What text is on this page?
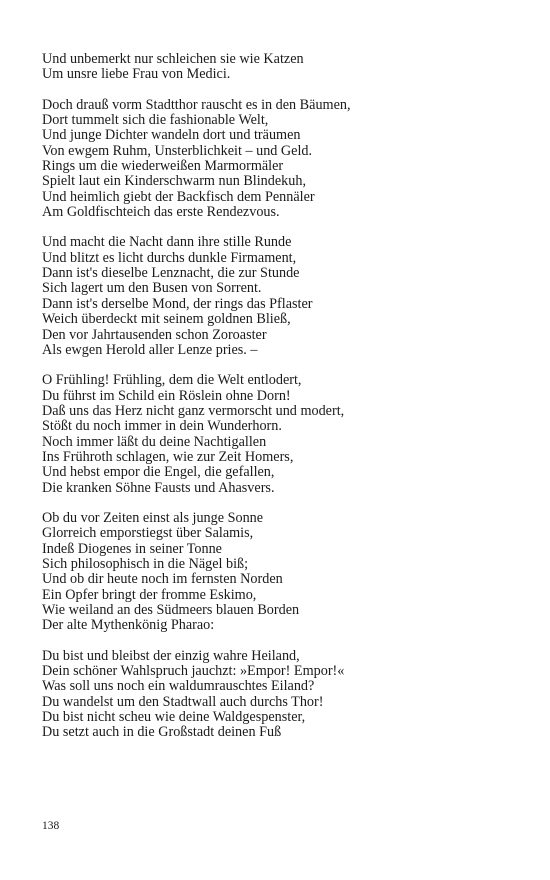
Und unbemerkt nur schleichen sie wie Katzen
Um unsre liebe Frau von Medici.
Doch drauß vorm Stadtthor rauscht es in den Bäumen,
Dort tummelt sich die fashionable Welt,
Und junge Dichter wandeln dort und träumen
Von ewgem Ruhm, Unsterblichkeit – und Geld.
Rings um die wiederweißen Marmormäler
Spielt laut ein Kinderschwarm nun Blindekuh,
Und heimlich giebt der Backfisch dem Pennäler
Am Goldfischteich das erste Rendezvous.
Und macht die Nacht dann ihre stille Runde
Und blitzt es licht durchs dunkle Firmament,
Dann ist's dieselbe Lenznacht, die zur Stunde
Sich lagert um den Busen von Sorrent.
Dann ist's derselbe Mond, der rings das Pflaster
Weich überdeckt mit seinem goldnen Bließ,
Den vor Jahrtausenden schon Zoroaster
Als ewgen Herold aller Lenze pries. –
O Frühling! Frühling, dem die Welt entlodert,
Du führst im Schild ein Röslein ohne Dorn!
Daß uns das Herz nicht ganz vermorscht und modert,
Stößt du noch immer in dein Wunderhorn.
Noch immer läßt du deine Nachtigallen
Ins Frühroth schlagen, wie zur Zeit Homers,
Und hebst empor die Engel, die gefallen,
Die kranken Söhne Fausts und Ahasvers.
Ob du vor Zeiten einst als junge Sonne
Glorreich emporstiegst über Salamis,
Indeß Diogenes in seiner Tonne
Sich philosophisch in die Nägel biß;
Und ob dir heute noch im fernsten Norden
Ein Opfer bringt der fromme Eskimo,
Wie weiland an des Südmeers blauen Borden
Der alte Mythenkönig Pharao:
Du bist und bleibst der einzig wahre Heiland,
Dein schöner Wahlspruch jauchzt: »Empor! Empor!«
Was soll uns noch ein waldumrauschtes Eiland?
Du wandelst um den Stadtwall auch durchs Thor!
Du bist nicht scheu wie deine Waldgespenster,
Du setzt auch in die Großstadt deinen Fuß
138
